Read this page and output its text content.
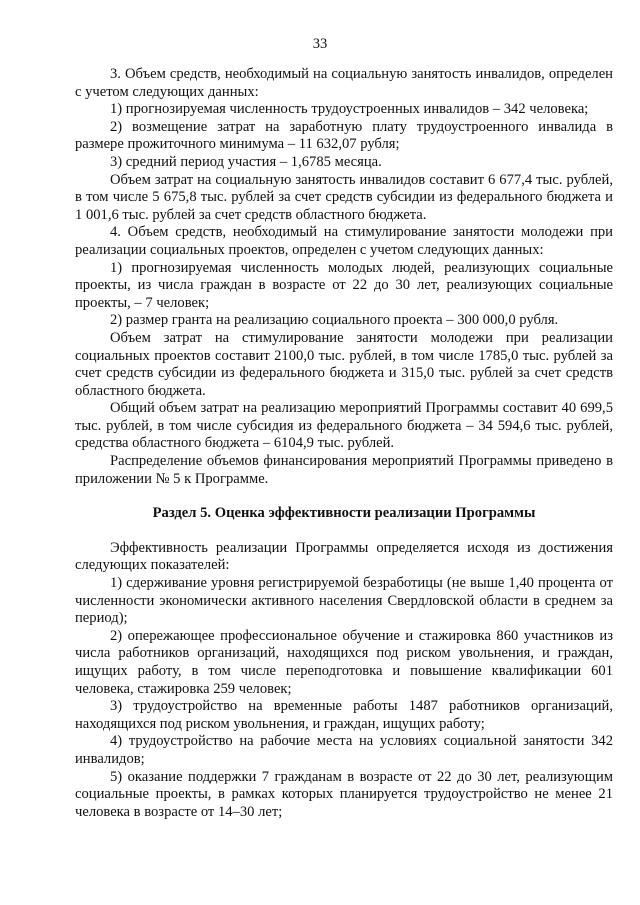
33

3. Объем средств, необходимый на социальную занятость инвалидов, определен с учетом следующих данных:

1) прогнозируемая численность трудоустроенных инвалидов – 342 человека;

2) возмещение затрат на заработную плату трудоустроенного инвалида в размере прожиточного минимума – 11 632,07 рубля;

3) средний период участия – 1,6785 месяца.

Объем затрат на социальную занятость инвалидов составит 6 677,4 тыс. рублей, в том числе 5 675,8 тыс. рублей за счет средств субсидии из федерального бюджета и 1 001,6 тыс. рублей за счет средств областного бюджета.

4. Объем средств, необходимый на стимулирование занятости молодежи при реализации социальных проектов, определен с учетом следующих данных:

1) прогнозируемая численность молодых людей, реализующих социальные проекты, из числа граждан в возрасте от 22 до 30 лет, реализующих социальные проекты, – 7 человек;

2) размер гранта на реализацию социального проекта – 300 000,0 рубля.

Объем затрат на стимулирование занятости молодежи при реализации социальных проектов составит 2100,0 тыс. рублей, в том числе 1785,0 тыс. рублей за счет средств субсидии из федерального бюджета и 315,0 тыс. рублей за счет средств областного бюджета.

Общий объем затрат на реализацию мероприятий Программы составит 40 699,5 тыс. рублей, в том числе субсидия из федерального бюджета – 34 594,6 тыс. рублей, средства областного бюджета – 6104,9 тыс. рублей.

Распределение объемов финансирования мероприятий Программы приведено в приложении № 5 к Программе.

Раздел 5. Оценка эффективности реализации Программы

Эффективность реализации Программы определяется исходя из достижения следующих показателей:

1) сдерживание уровня регистрируемой безработицы (не выше 1,40 процента от численности экономически активного населения Свердловской области в среднем за период);

2) опережающее профессиональное обучение и стажировка 860 участников из числа работников организаций, находящихся под риском увольнения, и граждан, ищущих работу, в том числе переподготовка и повышение квалификации 601 человека, стажировка 259 человек;

3) трудоустройство на временные работы 1487 работников организаций, находящихся под риском увольнения, и граждан, ищущих работу;

4) трудоустройство на рабочие места на условиях социальной занятости 342 инвалидов;

5) оказание поддержки 7 гражданам в возрасте от 22 до 30 лет, реализующим социальные проекты, в рамках которых планируется трудоустройство не менее 21 человека в возрасте от 14–30 лет;
